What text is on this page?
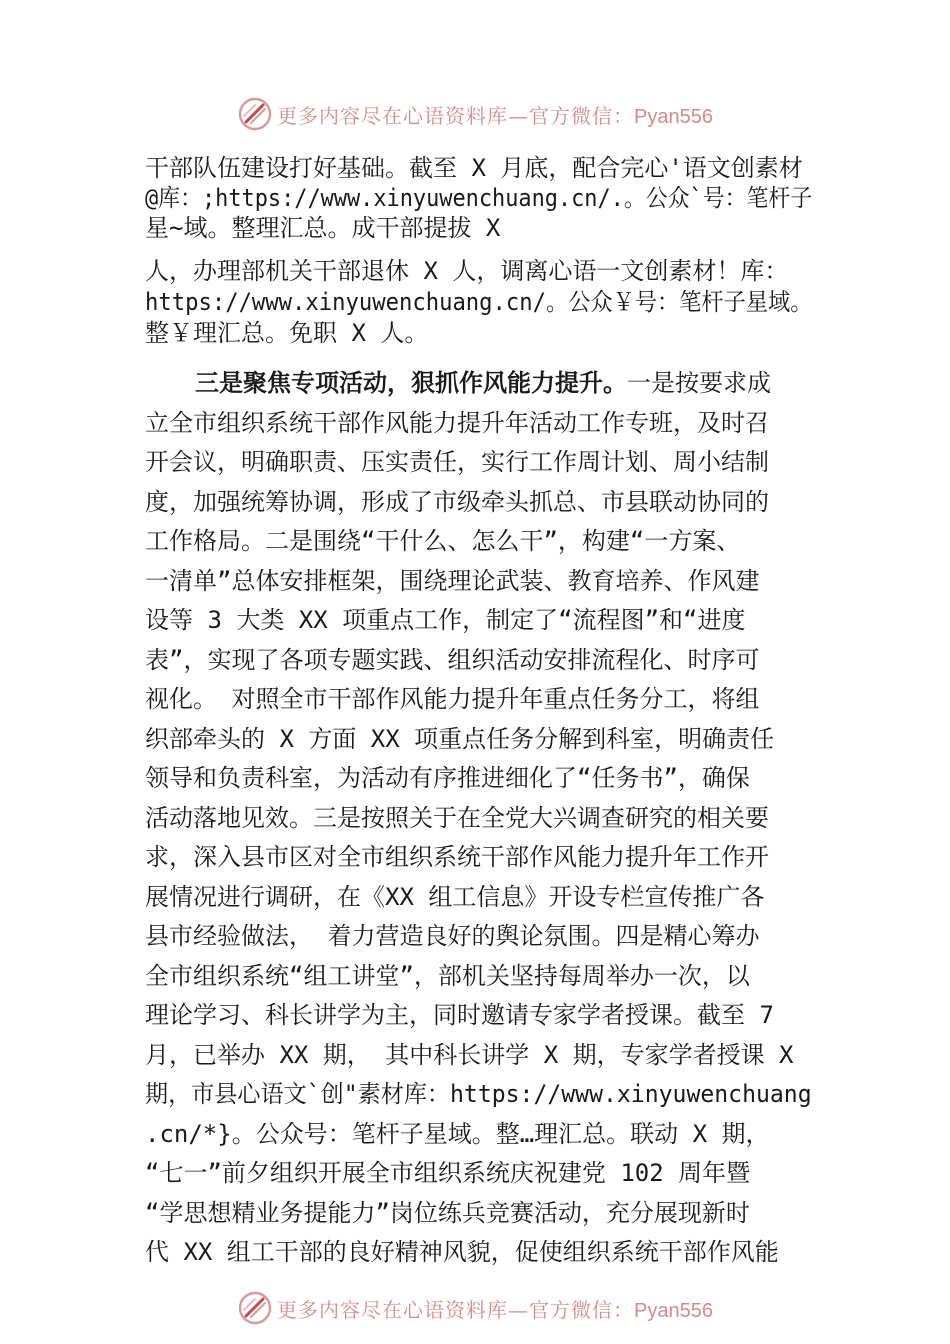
更多内容尽在心语资料库—官方微信：Pyan556
干部队伍建设打好基础。截至 X 月底，配合完心'语文创素材
@库：;https://www.xinyuwenchuang.cn/.。公众`号：笔杆子
星~域。整理汇总。成干部提拔 X
人，办理部机关干部退休 X 人，调离心语一文创素材！库：
https://www.xinyuwenchuang.cn/。公众￥号：笔杆子星域。
整￥理汇总。免职 X 人。
三是聚焦专项活动，狠抓作风能力提升。一是按要求成
立全市组织系统干部作风能力提升年活动工作专班，及时召
开会议，明确职责、压实责任，实行工作周计划、周小结制
度，加强统筹协调，形成了市级牵头抓总、市县联动协同的
工作格局。二是围绕“干什么、怎么干”，构建“一方案、
一清单”总体安排框架，围绕理论武装、教育培养、作风建
设等 3 大类 XX 项重点工作，制定了“流程图”和“进度
表”，实现了各项专题实践、组织活动安排流程化、时序可
视化。 对照全市干部作风能力提升年重点任务分工，将组
织部牵头的 X 方面 XX 项重点任务分解到科室，明确责任
领导和负责科室，为活动有序推进细化了“任务书”，确保
活动落地见效。三是按照关于在全党大兴调查研究的相关要
求，深入县市区对全市组织系统干部作风能力提升年工作开
展情况进行调研，在《XX 组工信息》开设专栏宣传推广各
县市经验做法， 着力营造良好的舆论氛围。四是精心筹办
全市组织系统“组工讲堂”，部机关坚持每周举办一次，以
理论学习、科长讲学为主，同时邀请专家学者授课。截至 7
月，已举办 XX 期， 其中科长讲学 X 期，专家学者授课 X
期，市县心语文`创"素材库：https://www.xinyuwenchuang
.cn/*}。公众号：笔杆子星域。整…理汇总。联动 X 期，
“七一”前夕组织开展全市组织系统庆祝建党 102 周年暨
“学思想精业务提能力”岗位练兵竞赛活动，充分展现新时
代 XX 组工干部的良好精神风貌，促使组织系统干部作风能
更多内容尽在心语资料库—官方微信：Pyan556
